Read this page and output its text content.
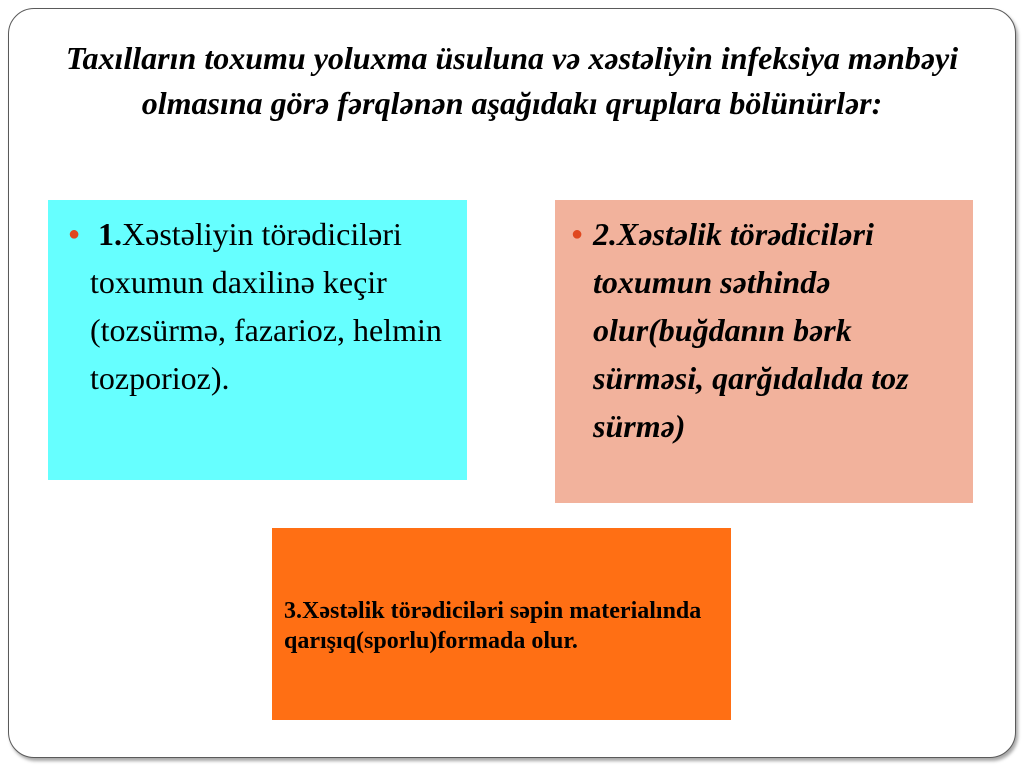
Taxılların toxumu yoluxma üsuluna və xəstəliyin infeksiya mənbəyi olmasına görə fərqlənən aşağıdakı qruplara bölünürlər:
● 1.Xəstəliyin törədiciləri toxumun daxilinə keçir (tozsürmə, fazarioz, helmin tozporioz).
● 2.Xəstəlik törədiciləri toxumun səthində olur(buğdanın bərk sürməsi, qarğıdalıda toz sürmə)
3.Xəstəlik törədiciləri səpin materialında qarışıq(sporlu)formada olur.
